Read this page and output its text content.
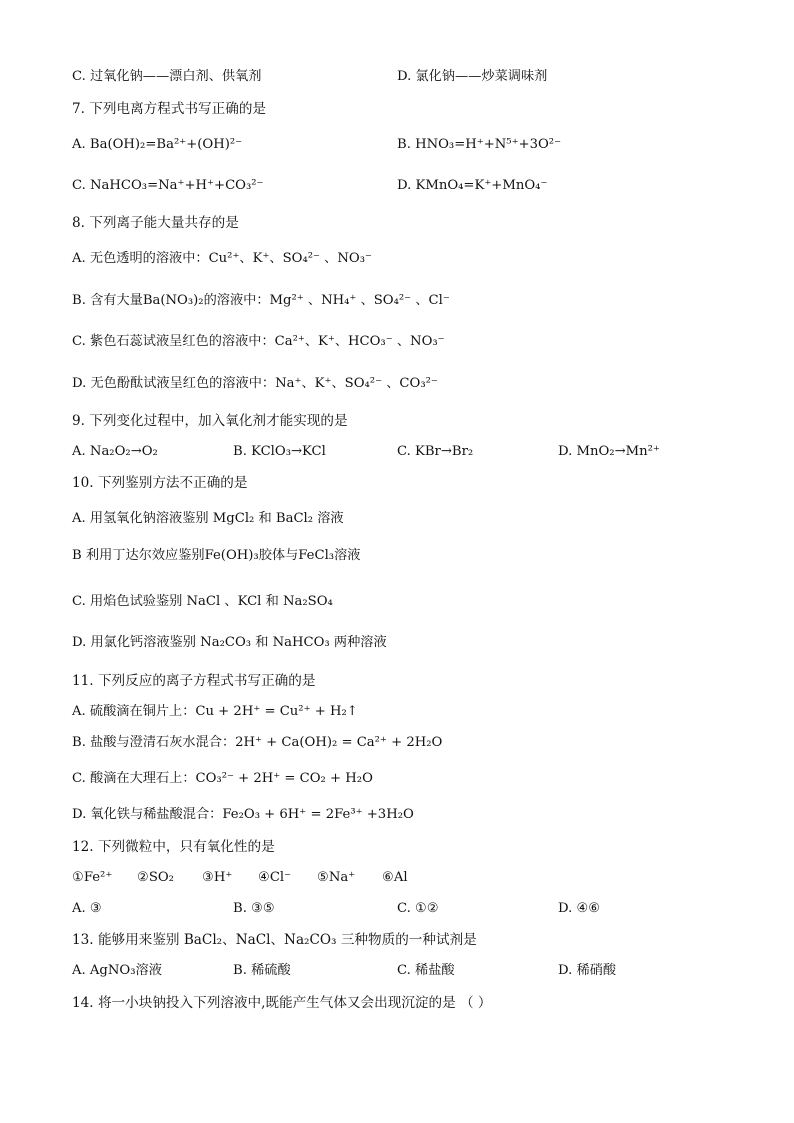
C. 过氧化钠——漂白剂、供氧剂	D. 氯化钠——炒菜调味剂
7. 下列电离方程式书写正确的是
A. Ba(OH)₂=Ba²⁺+(OH)²⁻	B. HNO₃=H⁺+N⁵⁺+3O²⁻
C. NaHCO₃=Na⁺+H⁺+CO₃²⁻	D. KMnO₄=K⁺+MnO₄⁻
8. 下列离子能大量共存的是
A. 无色透明的溶液中：Cu²⁺、K⁺、SO₄²⁻ 、NO₃⁻
B. 含有大量Ba(NO₃)₂的溶液中：Mg²⁺ 、NH₄⁺ 、SO₄²⁻ 、Cl⁻
C. 紫色石蕊试液呈红色的溶液中：Ca²⁺、K⁺、HCO₃⁻ 、NO₃⁻
D. 无色酚酞试液呈红色的溶液中：Na⁺、K⁺、SO₄²⁻ 、CO₃²⁻
9. 下列变化过程中，加入氧化剂才能实现的是
A. Na₂O₂→O₂	B. KClO₃→KCl	C. KBr→Br₂	D. MnO₂→Mn²⁺
10. 下列鉴别方法不正确的是
A. 用氢氧化钠溶液鉴别 MgCl₂ 和 BaCl₂ 溶液
B 利用丁达尔效应鉴别Fe(OH)₃胶体与FeCl₃溶液
C. 用焰色试验鉴别 NaCl 、KCl 和 Na₂SO₄
D. 用氯化钙溶液鉴别 Na₂CO₃ 和 NaHCO₃ 两种溶液
11. 下列反应的离子方程式书写正确的是
A. 硫酸滴在铜片上：Cu + 2H⁺ = Cu²⁺ + H₂↑
B. 盐酸与澄清石灰水混合：2H⁺ + Ca(OH)₂ = Ca²⁺ + 2H₂O
C. 酸滴在大理石上：CO₃²⁻ + 2H⁺ = CO₂ + H₂O
D. 氧化铁与稀盐酸混合：Fe₂O₃ + 6H⁺ = 2Fe³⁺ +3H₂O
12. 下列微粒中，只有氧化性的是
①Fe²⁺ ②SO₂ ③H⁺ ④Cl⁻ ⑤Na⁺ ⑥Al
A. ③	B. ③⑤	C. ①②	D. ④⑥
13. 能够用来鉴别 BaCl₂、NaCl、Na₂CO₃ 三种物质的一种试剂是
A. AgNO₃溶液	B. 稀硫酸	C. 稀盐酸	D. 稀硝酸
14. 将一小块钠投入下列溶液中,既能产生气体又会出现沉淀的是 （ ）
